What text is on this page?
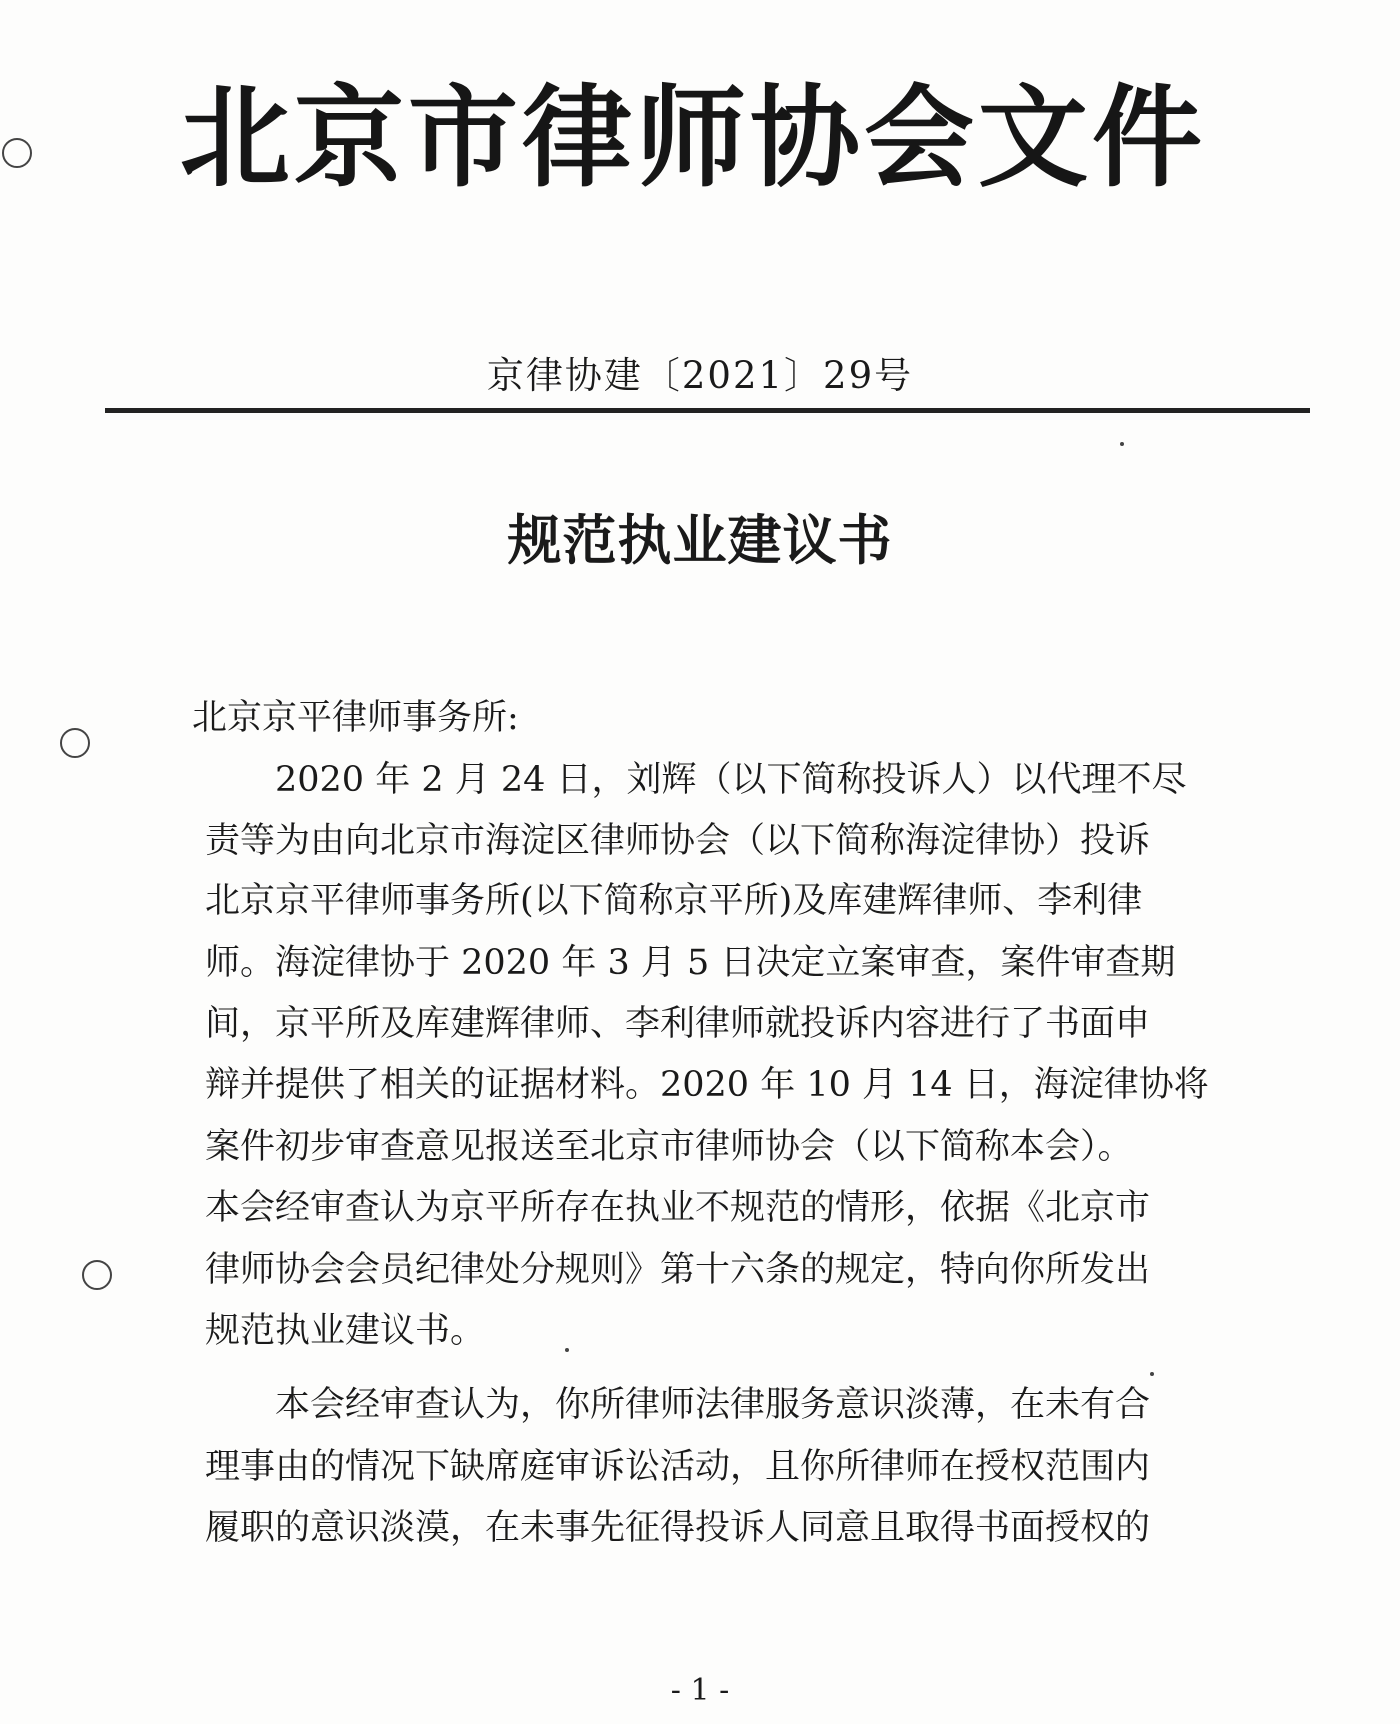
北京市律师协会文件
京律协建〔2021〕29号
规范执业建议书
北京京平律师事务所:
2020 年 2 月 24 日，刘辉（以下简称投诉人）以代理不尽
责等为由向北京市海淀区律师协会（以下简称海淀律协）投诉
北京京平律师事务所(以下简称京平所)及库建辉律师、李利律
师。海淀律协于 2020 年 3 月 5 日决定立案审查，案件审查期
间，京平所及库建辉律师、李利律师就投诉内容进行了书面申
辩并提供了相关的证据材料。2020 年 10 月 14 日，海淀律协将
案件初步审查意见报送至北京市律师协会（以下简称本会）。
本会经审查认为京平所存在执业不规范的情形，依据《北京市
律师协会会员纪律处分规则》第十六条的规定，特向你所发出
规范执业建议书。
本会经审查认为，你所律师法律服务意识淡薄，在未有合
理事由的情况下缺席庭审诉讼活动，且你所律师在授权范围内
履职的意识淡漠，在未事先征得投诉人同意且取得书面授权的
- 1 -
